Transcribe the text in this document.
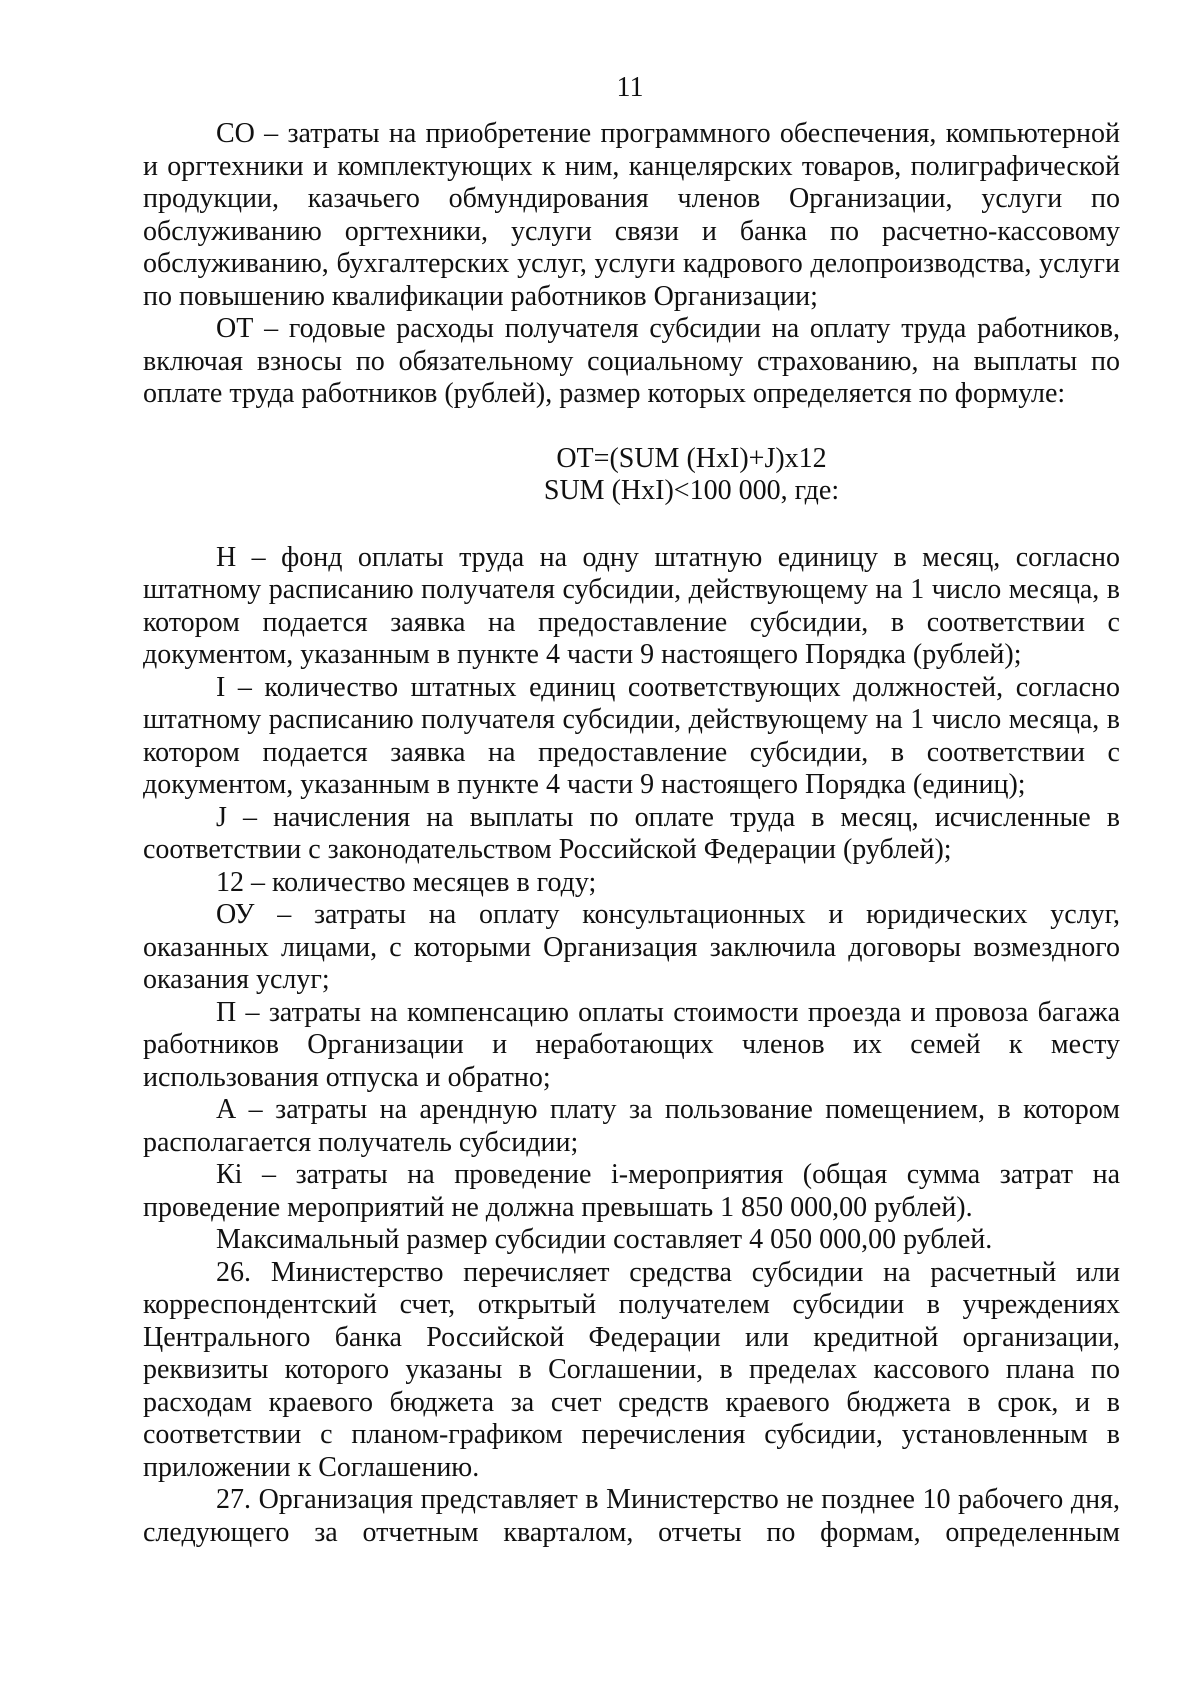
11

СО – затраты на приобретение программного обеспечения, компьютерной и оргтехники и комплектующих к ним, канцелярских товаров, полиграфической продукции, казачьего обмундирования членов Организации, услуги по обслуживанию оргтехники, услуги связи и банка по расчетно-кассовому обслуживанию, бухгалтерских услуг, услуги кадрового делопроизводства, услуги по повышению квалификации работников Организации;

ОТ – годовые расходы получателя субсидии на оплату труда работников, включая взносы по обязательному социальному страхованию, на выплаты по оплате труда работников (рублей), размер которых определяется по формуле:

ОТ=(SUM (HxI)+J)x12

SUM (HxI)<100 000, где:

Н – фонд оплаты труда на одну штатную единицу в месяц, согласно штатному расписанию получателя субсидии, действующему на 1 число месяца, в котором подается заявка на предоставление субсидии, в соответствии с документом, указанным в пункте 4 части 9 настоящего Порядка (рублей);

I – количество штатных единиц соответствующих должностей, согласно штатному расписанию получателя субсидии, действующему на 1 число месяца, в котором подается заявка на предоставление субсидии, в соответствии с документом, указанным в пункте 4 части 9 настоящего Порядка (единиц);

J – начисления на выплаты по оплате труда в месяц, исчисленные в соответствии с законодательством Российской Федерации (рублей);

12 – количество месяцев в году;

ОУ – затраты на оплату консультационных и юридических услуг, оказанных лицами, с которыми Организация заключила договоры возмездного оказания услуг;

П – затраты на компенсацию оплаты стоимости проезда и провоза багажа работников Организации и неработающих членов их семей к месту использования отпуска и обратно;

А – затраты на арендную плату за пользование помещением, в котором располагается получатель субсидии;

Кi – затраты на проведение i-мероприятия (общая сумма затрат на проведение мероприятий не должна превышать 1 850 000,00 рублей).

Максимальный размер субсидии составляет 4 050 000,00 рублей.

26. Министерство перечисляет средства субсидии на расчетный или корреспондентский счет, открытый получателем субсидии в учреждениях Центрального банка Российской Федерации или кредитной организации, реквизиты которого указаны в Соглашении, в пределах кассового плана по расходам краевого бюджета за счет средств краевого бюджета в срок, и в соответствии с планом-графиком перечисления субсидии, установленным в приложении к Соглашению.

27. Организация представляет в Министерство не позднее 10 рабочего дня, следующего за отчетным кварталом, отчеты по формам, определенным
